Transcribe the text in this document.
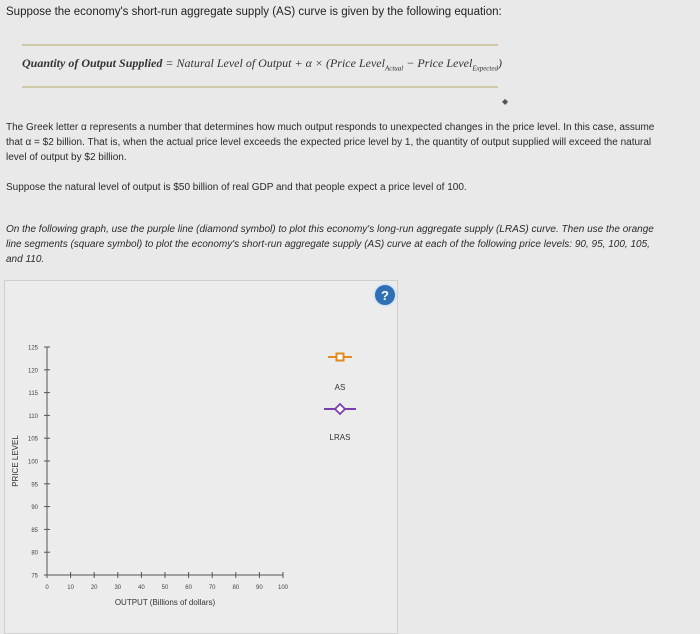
Suppose the economy's short-run aggregate supply (AS) curve is given by the following equation:
Quantity of Output Supplied = Natural Level of Output + α × (Price Level$_{Actual}$ − Price Level$_{Expected}$)
◆
The Greek letter α represents a number that determines how much output responds to unexpected changes in the price level. In this case, assume that α = $2 billion. That is, when the actual price level exceeds the expected price level by 1, the quantity of output supplied will exceed the natural level of output by $2 billion.
Suppose the natural level of output is $50 billion of real GDP and that people expect a price level of 100.
On the following graph, use the purple line (diamond symbol) to plot this economy's long-run aggregate supply (LRAS) curve. Then use the orange line segments (square symbol) to plot the economy's short-run aggregate supply (AS) curve at each of the following price levels: 90, 95, 100, 105, and 110.
?
75
80
85
90
95
100
105
110
115
120
125
0	10	20	30	40	50	60	70	80	90	100
OUTPUT (Billions of dollars)
PRICE LEVEL
AS
LRAS
